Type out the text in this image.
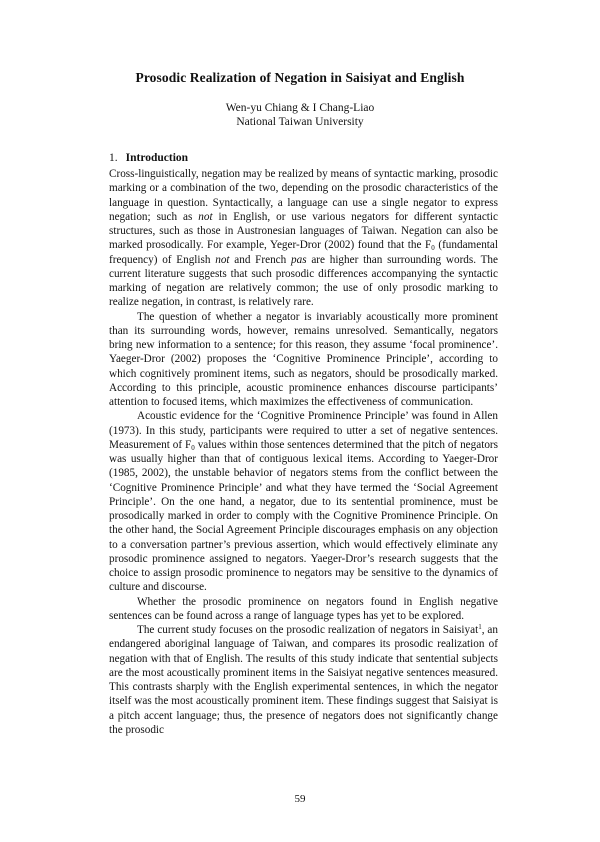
Prosodic Realization of Negation in Saisiyat and English
Wen-yu Chiang & I Chang-Liao
National Taiwan University
1. Introduction

Cross-linguistically, negation may be realized by means of syntactic marking, prosodic marking or a combination of the two, depending on the prosodic characteristics of the language in question. Syntactically, a language can use a single negator to express negation; such as not in English, or use various negators for different syntactic structures, such as those in Austronesian languages of Taiwan. Negation can also be marked prosodically. For example, Yeger-Dror (2002) found that the $F_0$ (fundamental frequency) of English not and French pas are higher than surrounding words. The current literature suggests that such prosodic differences accompanying the syntactic marking of negation are relatively common; the use of only prosodic marking to realize negation, in contrast, is relatively rare.

The question of whether a negator is invariably acoustically more prominent than its surrounding words, however, remains unresolved. Semantically, negators bring new information to a sentence; for this reason, they assume ‘focal prominence’. Yaeger-Dror (2002) proposes the ‘Cognitive Prominence Principle’, according to which cognitively prominent items, such as negators, should be prosodically marked. According to this principle, acoustic prominence enhances discourse participants’ attention to focused items, which maximizes the effectiveness of communication.

Acoustic evidence for the ‘Cognitive Prominence Principle’ was found in Allen (1973). In this study, participants were required to utter a set of negative sentences. Measurement of $F_0$ values within those sentences determined that the pitch of negators was usually higher than that of contiguous lexical items. According to Yaeger-Dror (1985, 2002), the unstable behavior of negators stems from the conflict between the ‘Cognitive Prominence Principle’ and what they have termed the ‘Social Agreement Principle’. On the one hand, a negator, due to its sentential prominence, must be prosodically marked in order to comply with the Cognitive Prominence Principle. On the other hand, the Social Agreement Principle discourages emphasis on any objection to a conversation partner’s previous assertion, which would effectively eliminate any prosodic prominence assigned to negators. Yaeger-Dror’s research suggests that the choice to assign prosodic prominence to negators may be sensitive to the dynamics of culture and discourse.

Whether the prosodic prominence on negators found in English negative sentences can be found across a range of language types has yet to be explored.

The current study focuses on the prosodic realization of negators in Saisiyat$^1$, an endangered aboriginal language of Taiwan, and compares its prosodic realization of negation with that of English. The results of this study indicate that sentential subjects are the most acoustically prominent items in the Saisiyat negative sentences measured. This contrasts sharply with the English experimental sentences, in which the negator itself was the most acoustically prominent item. These findings suggest that Saisiyat is a pitch accent language; thus, the presence of negators does not significantly change the prosodic

59
